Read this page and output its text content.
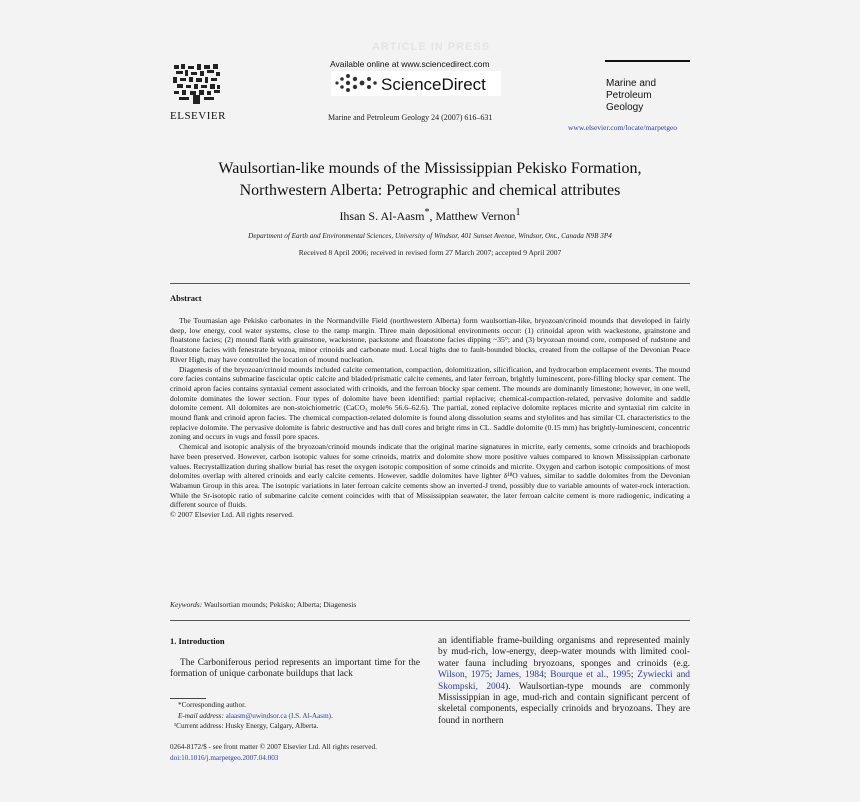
ARTICLE IN PRESS
ELSEVIER
Available online at www.sciencedirect.com
ScienceDirect
Marine and Petroleum Geology 24 (2007) 616–631
Marine and
Petroleum Geology
www.elsevier.com/locate/marpetgeo
Waulsortian-like mounds of the Mississippian Pekisko Formation,
Northwestern Alberta: Petrographic and chemical attributes
Ihsan S. Al-Aasm*, Matthew Vernon$^1$
Department of Earth and Environmental Sciences, University of Windsor, 401 Sunset Avenue, Windsor, Ont., Canada N9B 3P4
Received 8 April 2006; received in revised form 27 March 2007; accepted 9 April 2007
Abstract

The Tournasian age Pekisko carbonates in the Normandville Field (northwestern Alberta) form waulsortian-like, bryozoan/crinoid mounds that developed in fairly deep, low energy, cool water systems, close to the ramp margin. Three main depositional environments occur: (1) crinoidal apron with wackestone, grainstone and floatstone facies; (2) mound flank with grainstone, wackestone, packstone and floatstone facies dipping ~35°; and (3) bryozoan mound core, composed of rudstone and floatstone facies with fenestrate bryozoa, minor crinoids and carbonate mud. Local highs due to fault-bounded blocks, created from the collapse of the Devonian Peace River High, may have controlled the location of mound nucleation.

Diagenesis of the bryozoan/crinoid mounds included calcite cementation, compaction, dolomitization, silicification, and hydrocarbon emplacement events. The mound core facies contains submarine fascicular optic calcite and bladed/prismatic calcite cements, and later ferroan, brightly luminescent, pore-filling blocky spar cement. The crinoid apron facies contains syntaxial cement associated with crinoids, and the ferroan blocky spar cement. The mounds are dominantly limestone; however, in one well, dolomite dominates the lower section. Four types of dolomite have been identified: partial replacive; chemical-compaction-related, pervasive dolomite and saddle dolomite cement. All dolomites are non-stoichiometric (CaCO₃ mole% 56.6–62.6). The partial, zoned replacive dolomite replaces micrite and syntaxial rim calcite in mound flank and crinoid apron facies. The chemical compaction-related dolomite is found along dissolution seams and stylolites and has similar CL characteristics to the replacive dolomite. The pervasive dolomite is fabric destructive and has dull cores and bright rims in CL. Saddle dolomite (0.15 mm) has brightly-luminescent, concentric zoning and occurs in vugs and fossil pore spaces.

Chemical and isotopic analysis of the bryozoan/crinoid mounds indicate that the original marine signatures in micrite, early cements, some crinoids and brachiopods have been preserved. However, carbon isotopic values for some crinoids, matrix and dolomite show more positive values compared to known Mississippian carbonate values. Recrystallization during shallow burial has reset the oxygen isotopic composition of some crinoids and micrite. Oxygen and carbon isotopic compositions of most dolomites overlap with altered crinoids and early calcite cements. However, saddle dolomites have lighter δ¹⁸O values, similar to saddle dolomites from the Devonian Wabamun Group in this area. The isotopic variations in later ferroan calcite cements show an inverted-J trend, possibly due to variable amounts of water-rock interaction. While the Sr-isotopic ratio of submarine calcite cement coincides with that of Mississippian seawater, the later ferroan calcite cement is more radiogenic, indicating a different source of fluids.

© 2007 Elsevier Ltd. All rights reserved.

Keywords: Waulsortian mounds; Pekisko; Alberta; Diagenesis
1. Introduction
The Carboniferous period represents an important time for the formation of unique carbonate buildups that lack
an identifiable frame-building organisms and represented mainly by mud-rich, low-energy, deep-water mounds with limited cool-water fauna including bryozoans, sponges and crinoids (e.g. Wilson, 1975; James, 1984; Bourque et al., 1995; Zywiecki and Skompski, 2004). Waulsortian-type mounds are commonly Mississippian in age, mud-rich and contain significant percent of skeletal components, especially crinoids and bryozoans. They are found in northern
*Corresponding author.
E-mail address: alaasm@uwindsor.ca (I.S. Al-Aasm).
¹Current address: Husky Energy, Calgary, Alberta.
0264-8172/$ - see front matter © 2007 Elsevier Ltd. All rights reserved.
doi:10.1016/j.marpetgeo.2007.04.003
